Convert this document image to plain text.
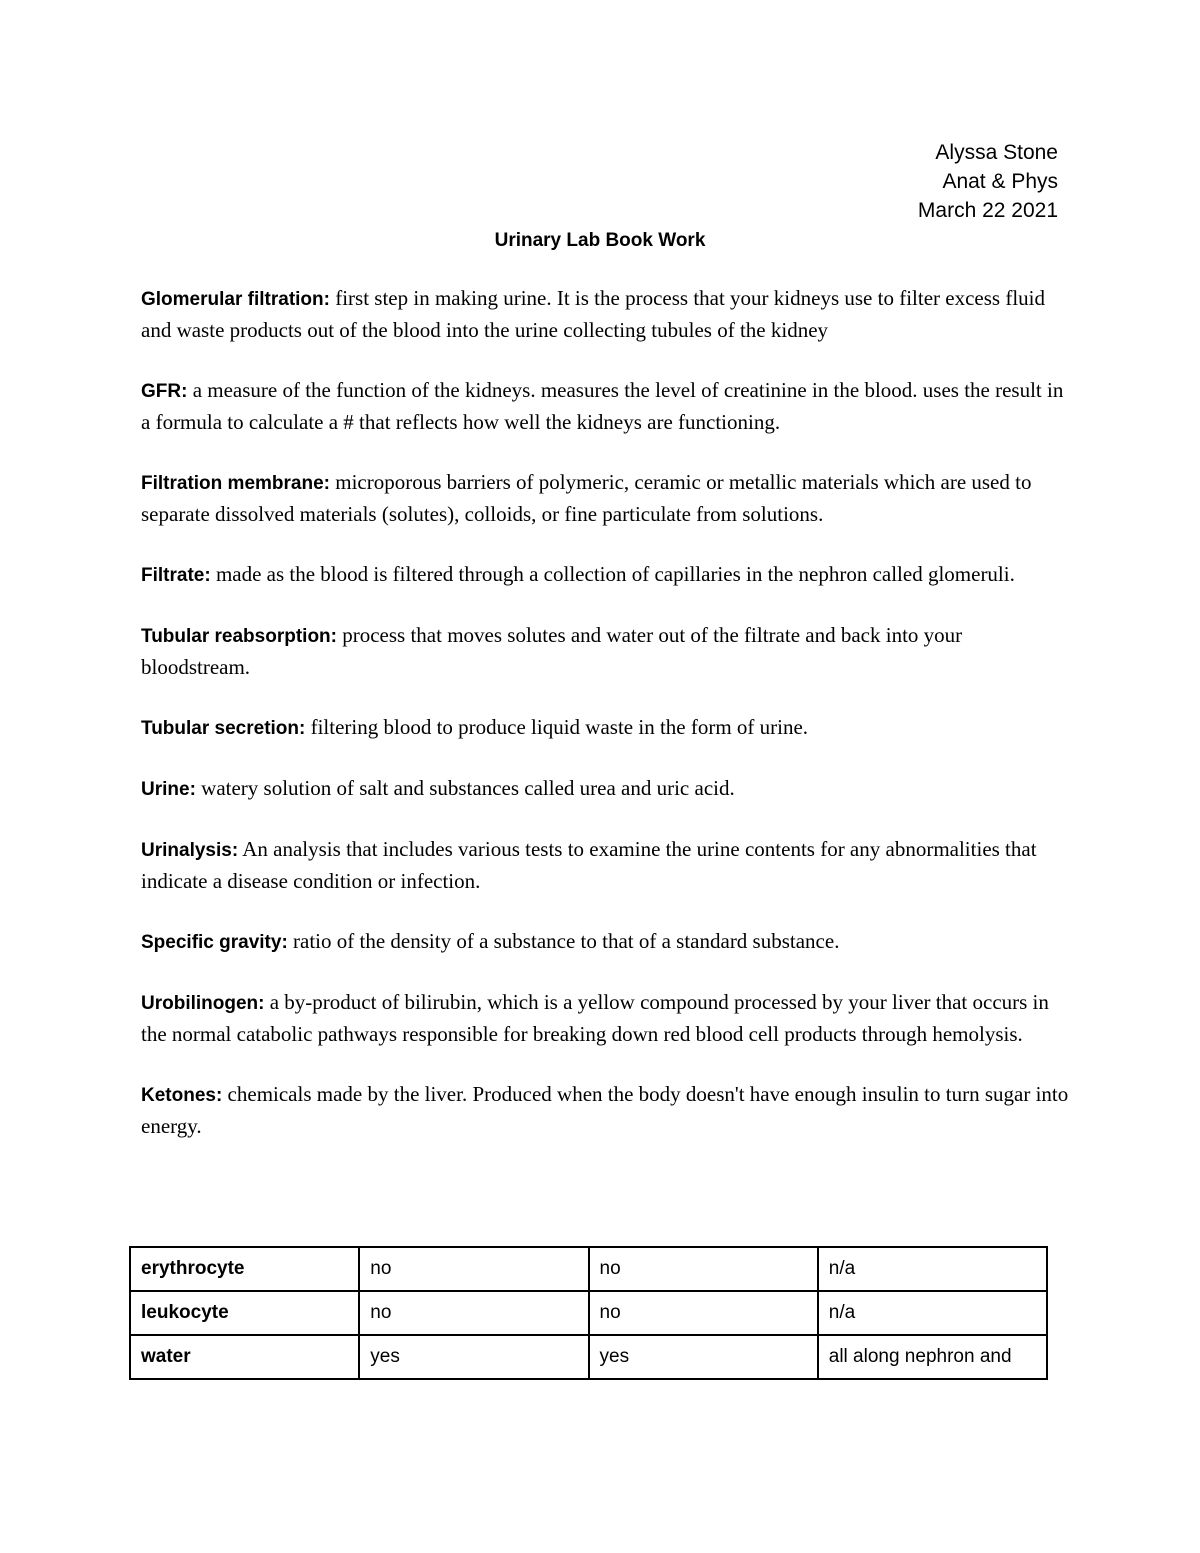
Alyssa Stone
Anat & Phys
March 22 2021
Urinary Lab Book Work

Glomerular filtration: first step in making urine. It is the process that your kidneys use to filter excess fluid and waste products out of the blood into the urine collecting tubules of the kidney

GFR: a measure of the function of the kidneys. measures the level of creatinine in the blood. uses the result in a formula to calculate a # that reflects how well the kidneys are functioning.

Filtration membrane: microporous barriers of polymeric, ceramic or metallic materials which are used to separate dissolved materials (solutes), colloids, or fine particulate from solutions.

Filtrate: made as the blood is filtered through a collection of capillaries in the nephron called glomeruli.

Tubular reabsorption: process that moves solutes and water out of the filtrate and back into your bloodstream.

Tubular secretion: filtering blood to produce liquid waste in the form of urine.

Urine: watery solution of salt and substances called urea and uric acid.

Urinalysis: An analysis that includes various tests to examine the urine contents for any abnormalities that indicate a disease condition or infection.

Specific gravity: ratio of the density of a substance to that of a standard substance.

Urobilinogen: a by-product of bilirubin, which is a yellow compound processed by your liver that occurs in the normal catabolic pathways responsible for breaking down red blood cell products through hemolysis.

Ketones: chemicals made by the liver. Produced when the body doesn't have enough insulin to turn sugar into energy.

erythrocyte	no	no	n/a
leukocyte	no	no	n/a
water	yes	yes	all along nephron and
